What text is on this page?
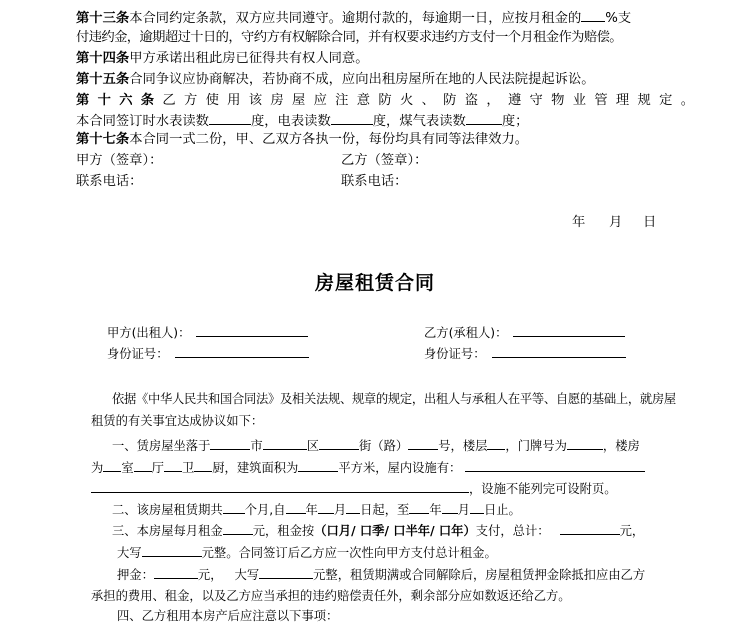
第十三条本合同约定条款，双方应共同遵守。逾期付款的，每逾期一日，应按月租金的 %支
付违约金，逾期超过十日的，守约方有权解除合同，并有权要求违约方支付一个月租金作为赔偿。
第十四条甲方承诺出租此房已征得共有权人同意。
第十五条合同争议应协商解决，若协商不成，应向出租房屋所在地的人民法院提起诉讼。
第十六条乙方使用该房屋应注意防火、防盗，遵守物业管理规定。
本合同签订时水表读数	度，电表读数	度，煤气表读数	度；
第十七条本合同一式二份，甲、乙双方各执一份，每份均具有同等法律效力。
甲方（签章）：	乙方（签章）：
联系电话：	联系电话：
年 月 日
房屋租赁合同
甲方(出租人)：	乙方(承租人)：
身份证号：	身份证号：
依据《中华人民共和国合同法》及相关法规、规章的规定，出租人与承租人在平等、自愿的基础上，就房屋
租赁的有关事宜达成协议如下：
一、赁房屋坐落于	市	区	街（路） 号，楼层 ，门牌号为	，楼房
为 室 厅 卫 厨，建筑面积为	平方米，屋内设施有：
，设施不能列完可设附页。
二、该房屋租赁期共 个月,自 年 月 日起，至 年 月 日止。
三、本房屋每月租金 元，租金按（口月/ 口季/ 口半年/ 口年）支付，总计：	元，
大写	元整。合同签订后乙方应一次性向甲方支付总计租金。
押金：	元， 大写	元整，租赁期满或合同解除后，房屋租赁押金除抵扣应由乙方
承担的费用、租金，以及乙方应当承担的违约赔偿责任外，剩余部分应如数返还给乙方。
四、乙方租用本房产后应注意以下事项：
